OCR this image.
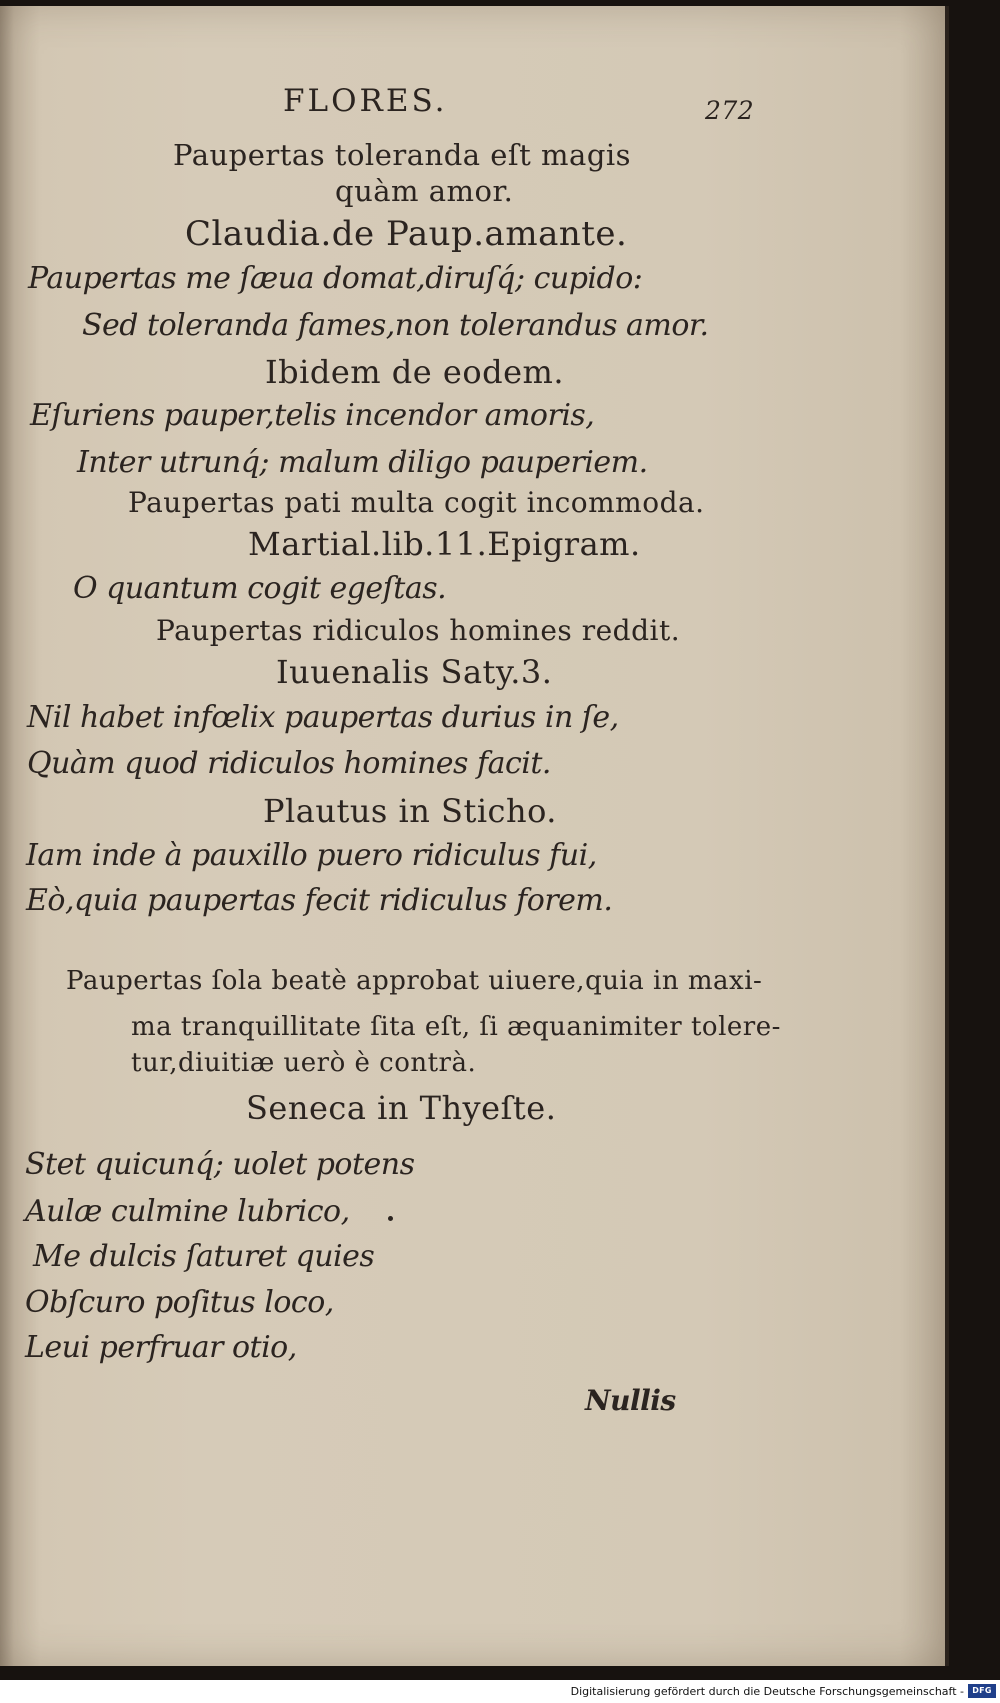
FLORES.	272
Paupertas toleranda eſt magis
quàm amor.
Claudia.de Paup.amante.
Paupertas me ſæua domat,diruſq́; cupido:
Sed toleranda fames,non tolerandus amor.
Ibidem de eodem.
Eſuriens pauper,telis incendor amoris,
Inter utrunq́; malum diligo pauperiem.
Paupertas pati multa cogit incommoda.
Martial.lib.11.Epigram.
O quantum cogit egeſtas.
Paupertas ridiculos homines reddit.
Iuuenalis Saty.3.
Nil habet infœlix paupertas durius in ſe,
Quàm quod ridiculos homines facit.
Plautus in Sticho.
Iam inde à pauxillo puero ridiculus fui,
Eò,quia paupertas fecit ridiculus forem.
Paupertas ſola beatè approbat uiuere,quia in maxi-
ma tranquillitate ſita eſt, ſi æquanimiter tolere-
tur,diuitiæ uerò è contrà.
Seneca in Thyeſte.
Stet quicunq́; uolet potens
Aulæ culmine lubrico,
Me dulcis ſaturet quies
Obſcuro poſitus loco,
Leui perfruar otio,
Nullis
Digitalisierung gefördert durch die Deutsche Forschungsgemeinschaft -	DFG
